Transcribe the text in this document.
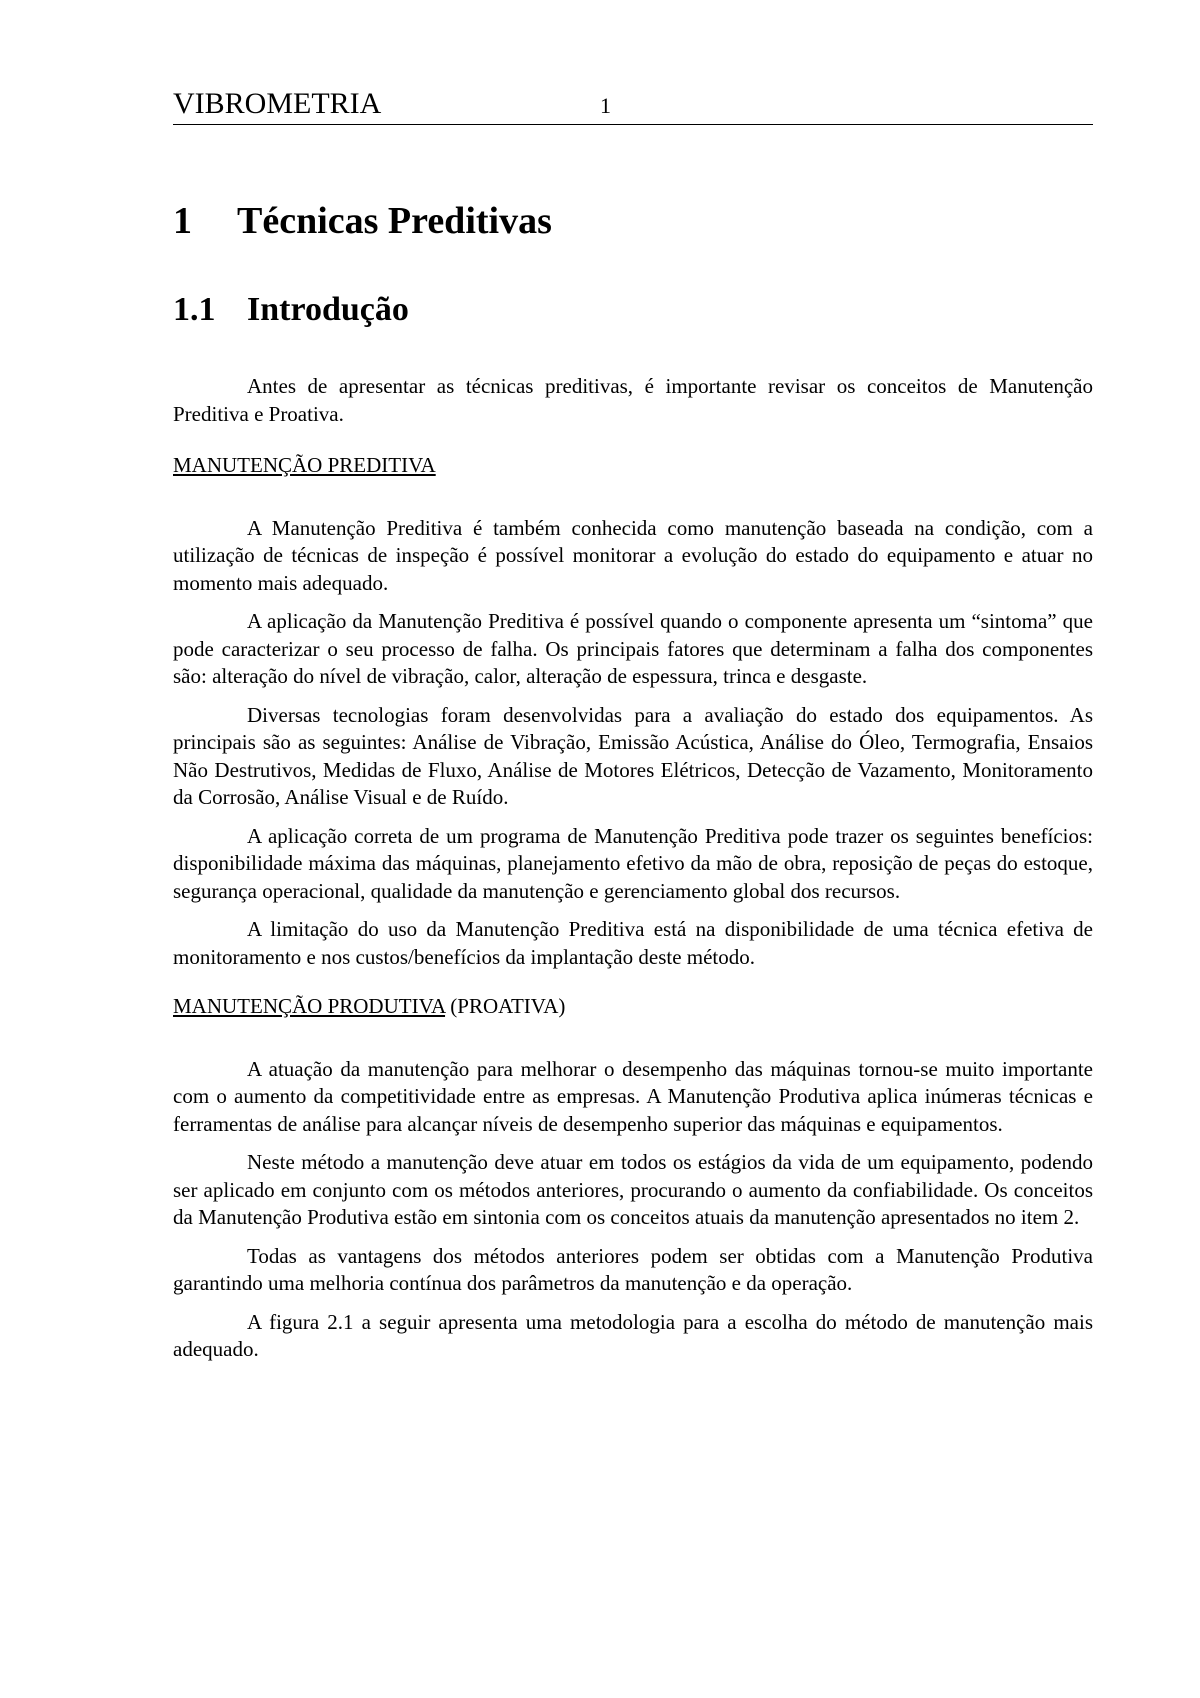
VIBROMETRIA	1
1 Técnicas Preditivas
1.1 Introdução

Antes de apresentar as técnicas preditivas, é importante revisar os conceitos de Manutenção Preditiva e Proativa.

MANUTENÇÃO PREDITIVA

A Manutenção Preditiva é também conhecida como manutenção baseada na condição, com a utilização de técnicas de inspeção é possível monitorar a evolução do estado do equipamento e atuar no momento mais adequado.

A aplicação da Manutenção Preditiva é possível quando o componente apresenta um “sintoma” que pode caracterizar o seu processo de falha. Os principais fatores que determinam a falha dos componentes são: alteração do nível de vibração, calor, alteração de espessura, trinca e desgaste.

Diversas tecnologias foram desenvolvidas para a avaliação do estado dos equipamentos. As principais são as seguintes: Análise de Vibração, Emissão Acústica, Análise do Óleo, Termografia, Ensaios Não Destrutivos, Medidas de Fluxo, Análise de Motores Elétricos, Detecção de Vazamento, Monitoramento da Corrosão, Análise Visual e de Ruído.

A aplicação correta de um programa de Manutenção Preditiva pode trazer os seguintes benefícios: disponibilidade máxima das máquinas, planejamento efetivo da mão de obra, reposição de peças do estoque, segurança operacional, qualidade da manutenção e gerenciamento global dos recursos.

A limitação do uso da Manutenção Preditiva está na disponibilidade de uma técnica efetiva de monitoramento e nos custos/benefícios da implantação deste método.

MANUTENÇÃO PRODUTIVA (PROATIVA)

A atuação da manutenção para melhorar o desempenho das máquinas tornou-se muito importante com o aumento da competitividade entre as empresas. A Manutenção Produtiva aplica inúmeras técnicas e ferramentas de análise para alcançar níveis de desempenho superior das máquinas e equipamentos.

Neste método a manutenção deve atuar em todos os estágios da vida de um equipamento, podendo ser aplicado em conjunto com os métodos anteriores, procurando o aumento da confiabilidade. Os conceitos da Manutenção Produtiva estão em sintonia com os conceitos atuais da manutenção apresentados no item 2.

Todas as vantagens dos métodos anteriores podem ser obtidas com a Manutenção Produtiva garantindo uma melhoria contínua dos parâmetros da manutenção e da operação.

A figura 2.1 a seguir apresenta uma metodologia para a escolha do método de manutenção mais adequado.
